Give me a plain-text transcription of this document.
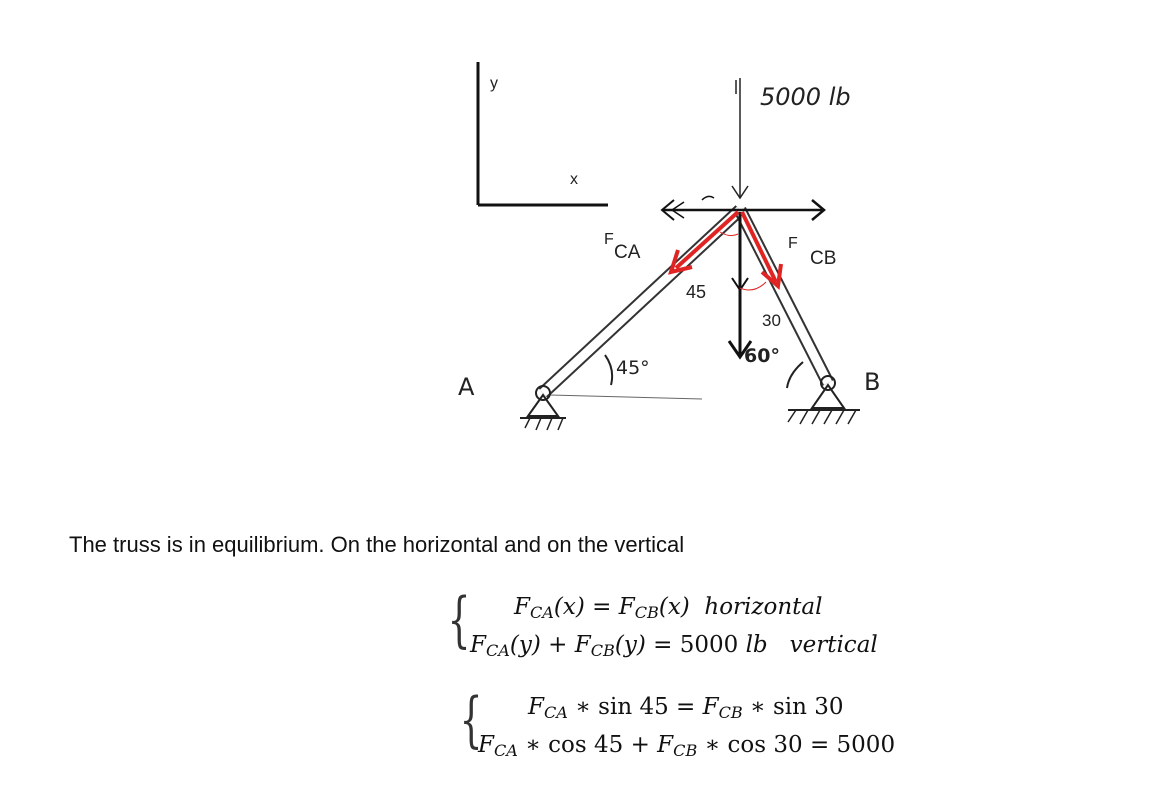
y
x
5000 lb
F
CA	F
CB
45
30
45°
60°
A	B
The truss is in equilibrium. On the horizontal and on the vertical
{ $F_{CA}(x) = F_{CB}(x)$ horizontal
$F_{CA}(y) + F_{CB}(y) = 5000$ lb vertical
{ $F_{CA}$ ∗ $\sin 45 = F_{CB}$ ∗ sin 30
$F_{CA}$ ∗ $\cos 45 + F_{CB}$ ∗ cos 30 = 5000
